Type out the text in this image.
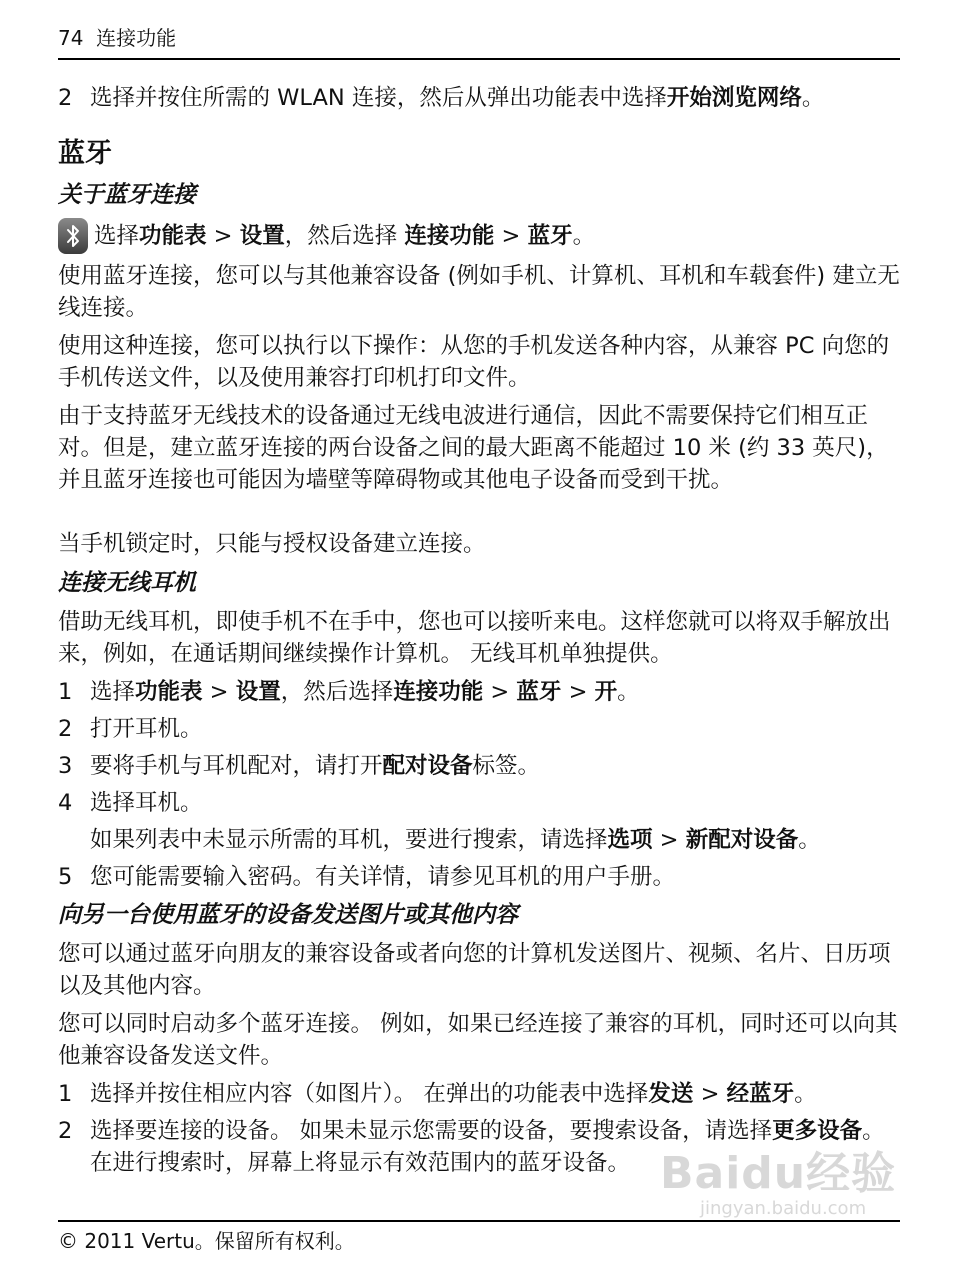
74 连接功能
2 选择并按住所需的 WLAN 连接，然后从弹出功能表中选择开始浏览网络。
蓝牙
关于蓝牙连接
选择功能表 > 设置，然后选择 连接功能 > 蓝牙。

使用蓝牙连接，您可以与其他兼容设备 (例如手机、计算机、耳机和车载套件) 建立无线连接。

使用这种连接，您可以执行以下操作：从您的手机发送各种内容，从兼容 PC 向您的手机传送文件，以及使用兼容打印机打印文件。

由于支持蓝牙无线技术的设备通过无线电波进行通信，因此不需要保持它们相互正对。但是，建立蓝牙连接的两台设备之间的最大距离不能超过 10 米 (约 33 英尺)，并且蓝牙连接也可能因为墙壁等障碍物或其他电子设备而受到干扰。

当手机锁定时，只能与授权设备建立连接。

连接无线耳机

借助无线耳机，即使手机不在手中，您也可以接听来电。这样您就可以将双手解放出来，例如，在通话期间继续操作计算机。 无线耳机单独提供。

1 选择功能表 > 设置，然后选择连接功能 > 蓝牙 > 开。
2 打开耳机。
3 要将手机与耳机配对，请打开配对设备标签。
4 选择耳机。
如果列表中未显示所需的耳机，要进行搜索，请选择选项 > 新配对设备。
5 您可能需要输入密码。有关详情，请参见耳机的用户手册。
向另一台使用蓝牙的设备发送图片或其他内容

您可以通过蓝牙向朋友的兼容设备或者向您的计算机发送图片、视频、名片、日历项以及其他内容。

您可以同时启动多个蓝牙连接。 例如，如果已经连接了兼容的耳机，同时还可以向其他兼容设备发送文件。

1 选择并按住相应内容（如图片）。 在弹出的功能表中选择发送 > 经蓝牙。
2 选择要连接的设备。 如果未显示您需要的设备，要搜索设备，请选择更多设备。 在进行搜索时，屏幕上将显示有效范围内的蓝牙设备。 Baidu经验
jingyan.baidu.com
© 2011 Vertu。保留所有权利。
